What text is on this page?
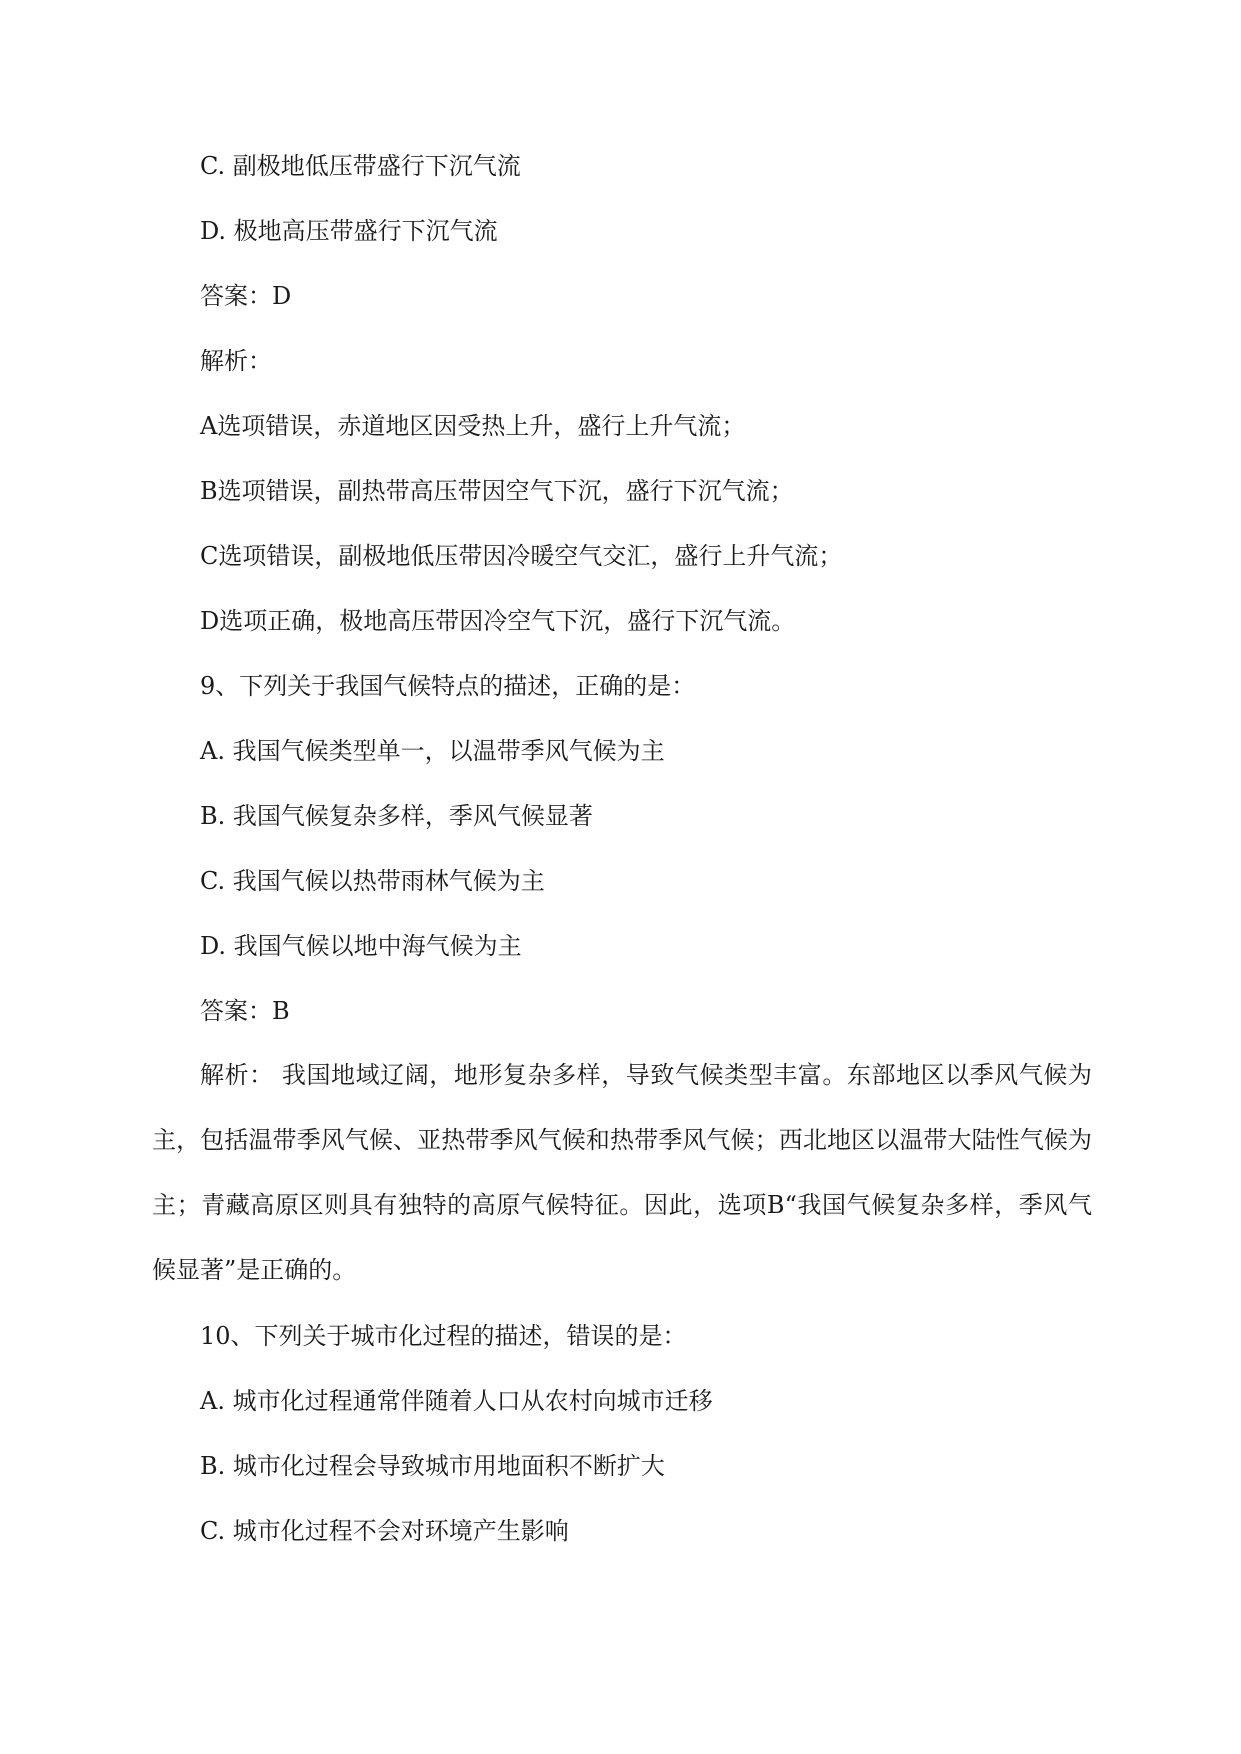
C. 副极地低压带盛行下沉气流
D. 极地高压带盛行下沉气流
答案：D
解析：
A选项错误，赤道地区因受热上升，盛行上升气流；
B选项错误，副热带高压带因空气下沉，盛行下沉气流；
C选项错误，副极地低压带因冷暖空气交汇，盛行上升气流；
D选项正确，极地高压带因冷空气下沉，盛行下沉气流。
9、下列关于我国气候特点的描述，正确的是：
A. 我国气候类型单一，以温带季风气候为主
B. 我国气候复杂多样，季风气候显著
C. 我国气候以热带雨林气候为主
D. 我国气候以地中海气候为主
答案：B
解析： 我国地域辽阔，地形复杂多样，导致气候类型丰富。东部地区以季风气候为主，包括温带季风气候、亚热带季风气候和热带季风气候；西北地区以温带大陆性气候为主；青藏高原区则具有独特的高原气候特征。因此，选项B“我国气候复杂多样，季风气候显著”是正确的。
10、下列关于城市化过程的描述，错误的是：
A. 城市化过程通常伴随着人口从农村向城市迁移
B. 城市化过程会导致城市用地面积不断扩大
C. 城市化过程不会对环境产生影响
